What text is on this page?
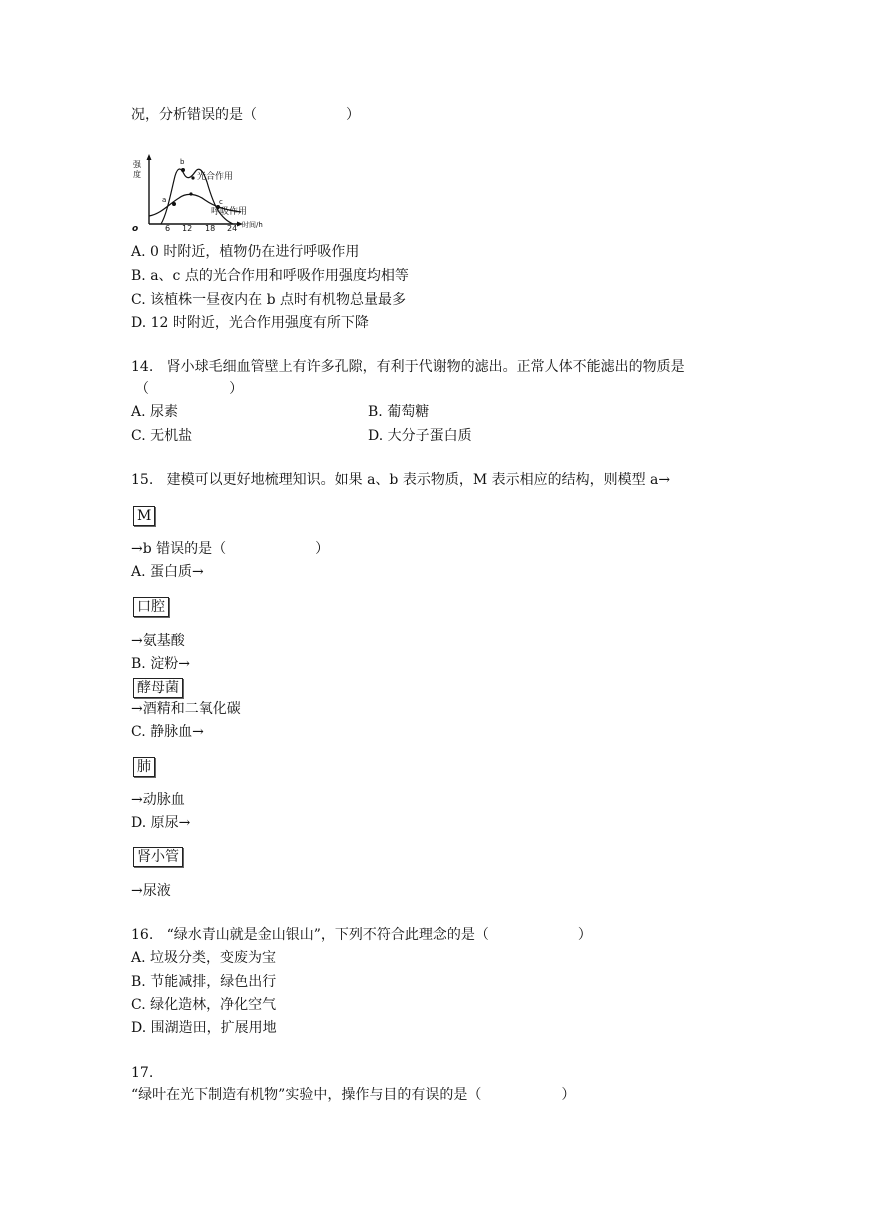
况，分析错误的是（                    ）
强
度
o	6 12 18 24 时间/h
a
b
c
光合作用
呼吸作用
A. 0 时附近，植物仍在进行呼吸作用
B. a、c 点的光合作用和呼吸作用强度均相等
C. 该植株一昼夜内在 b 点时有机物总量最多
D. 12 时附近，光合作用强度有所下降
14.   肾小球毛细血管壁上有许多孔隙，有利于代谢物的滤出。正常人体不能滤出的物质是
（                  ）
A. 尿素	B. 葡萄糖
C. 无机盐	D. 大分子蛋白质
15.   建模可以更好地梳理知识。如果 a、b 表示物质，M 表示相应的结构，则模型 a→
M
→b 错误的是（                    ）
A. 蛋白质→
口腔
→氨基酸
B. 淀粉→
酵母菌
→酒精和二氧化碳
C. 静脉血→
肺
→动脉血
D. 原尿→
肾小管
→尿液
16.   “绿水青山就是金山银山”，下列不符合此理念的是（                    ）
A. 垃圾分类，变废为宝
B. 节能减排，绿色出行
C. 绿化造林，净化空气
D. 围湖造田，扩展用地
17.
“绿叶在光下制造有机物”实验中，操作与目的有误的是（                  ）
